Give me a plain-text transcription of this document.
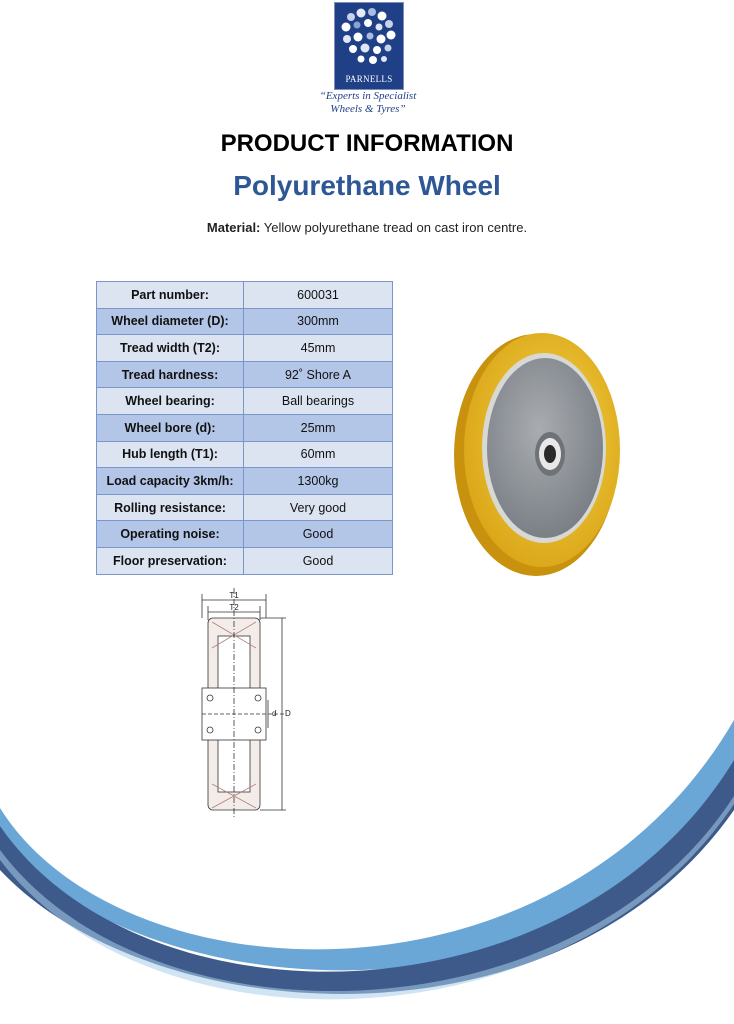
PARNELLS
“Experts in Specialist
Wheels & Tyres”
PRODUCT INFORMATION
Polyurethane Wheel
Material: Yellow polyurethane tread on cast iron centre.
Part number:	600031
Wheel diameter (D):	300mm
Tread width (T2):	45mm
Tread hardness:	92˚ Shore A
Wheel bearing:	Ball bearings
Wheel bore (d):	25mm
Hub length (T1):	60mm
Load capacity 3km/h:	1300kg
Rolling resistance:	Very good
Operating noise:	Good
Floor preservation:	Good
T1
T2
d D
